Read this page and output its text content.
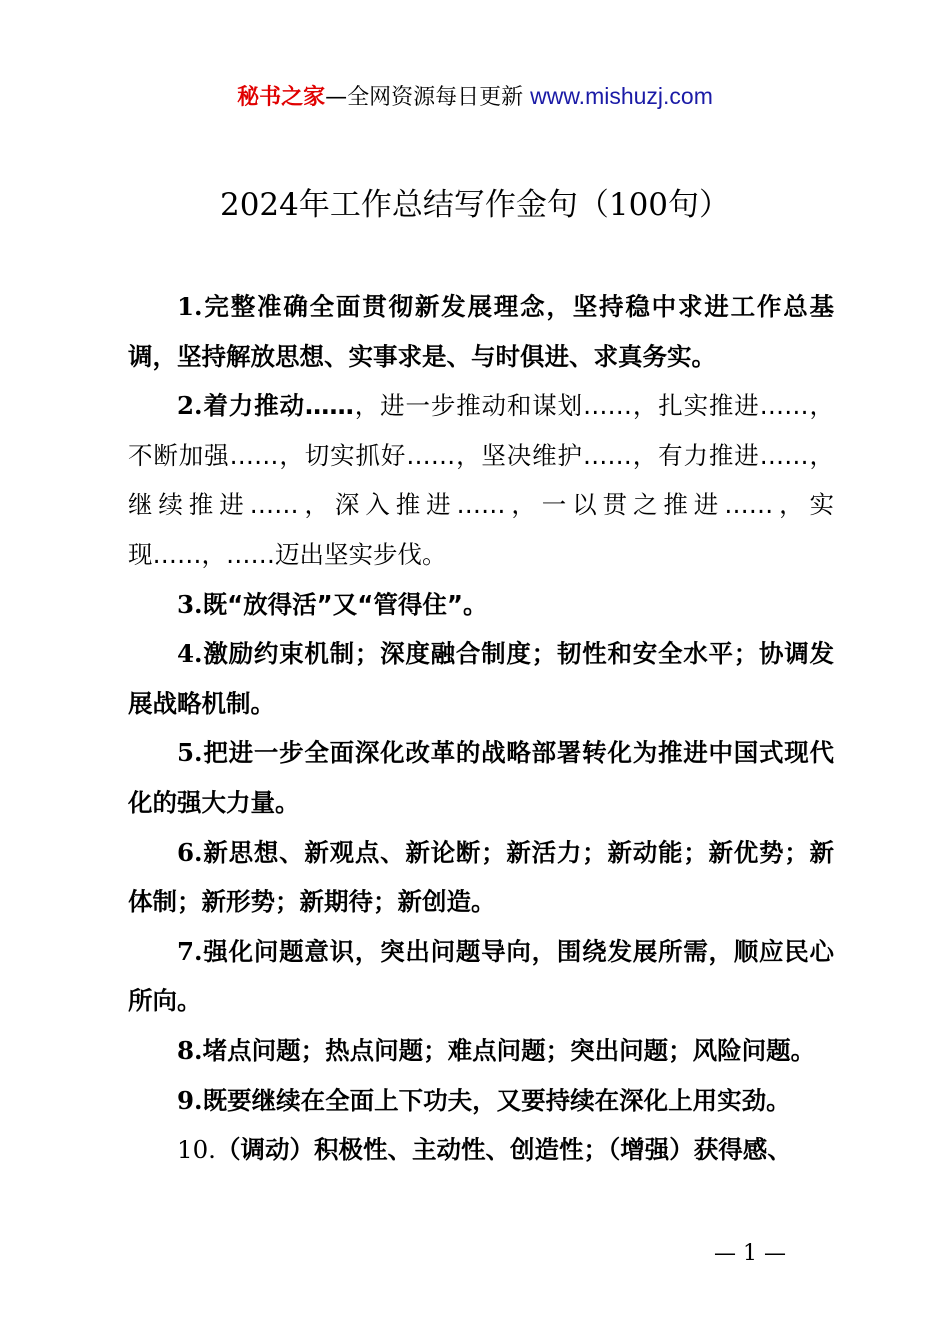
秘书之家—全网资源每日更新 www.mishuzj.com
2024年工作总结写作金句（100句）

1.完整准确全面贯彻新发展理念，坚持稳中求进工作总基调，坚持解放思想、实事求是、与时俱进、求真务实。

2.着力推动……，进一步推动和谋划……，扎实推进……，不断加强……，切实抓好……，坚决维护……，有力推进……，继续推进……，深入推进……，一以贯之推进……，实现……，……迈出坚实步伐。

3.既“放得活”又“管得住”。

4.激励约束机制；深度融合制度；韧性和安全水平；协调发展战略机制。

5.把进一步全面深化改革的战略部署转化为推进中国式现代化的强大力量。

6.新思想、新观点、新论断；新活力；新动能；新优势；新体制；新形势；新期待；新创造。

7.强化问题意识，突出问题导向，围绕发展所需，顺应民心所向。

8.堵点问题；热点问题；难点问题；突出问题；风险问题。

9.既要继续在全面上下功夫，又要持续在深化上用实劲。

10.（调动）积极性、主动性、创造性；（增强）获得感、

— 1 —
